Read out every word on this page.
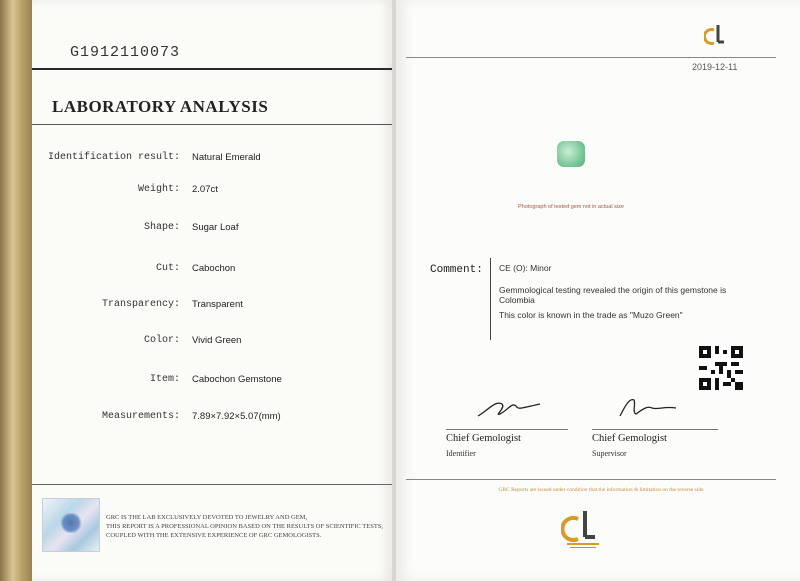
G1912110073
LABORATORY ANALYSIS
Identification result: Natural Emerald
Weight: 2.07ct
Shape: Sugar Loaf
Cut: Cabochon
Transparency: Transparent
Color: Vivid Green
Item: Cabochon Gemstone
Measurements: 7.89×7.92×5.07(mm)
GRC IS THE LAB EXCLUSIVELY DEVOTED TO JEWELRY AND GEM,
THIS REPORT IS A PROFESSIONAL OPINION BASED ON THE RESULTS OF SCIENTIFIC TESTS,
COUPLED WITH THE EXTENSIVE EXPERIENCE OF GRC GEMOLOGISTS.
2019-12-11
Photograph of tested gem not in actual size
Comment: CE (O): Minor
Gemmological testing revealed the origin of this gemstone is
Colombia
This color is known in the trade as "Muzo Green"
Chief Gemologist
Identifier
Chief Gemologist
Supervisor
GRC Reports are issued under condition that the information & limitation on the reverse side
